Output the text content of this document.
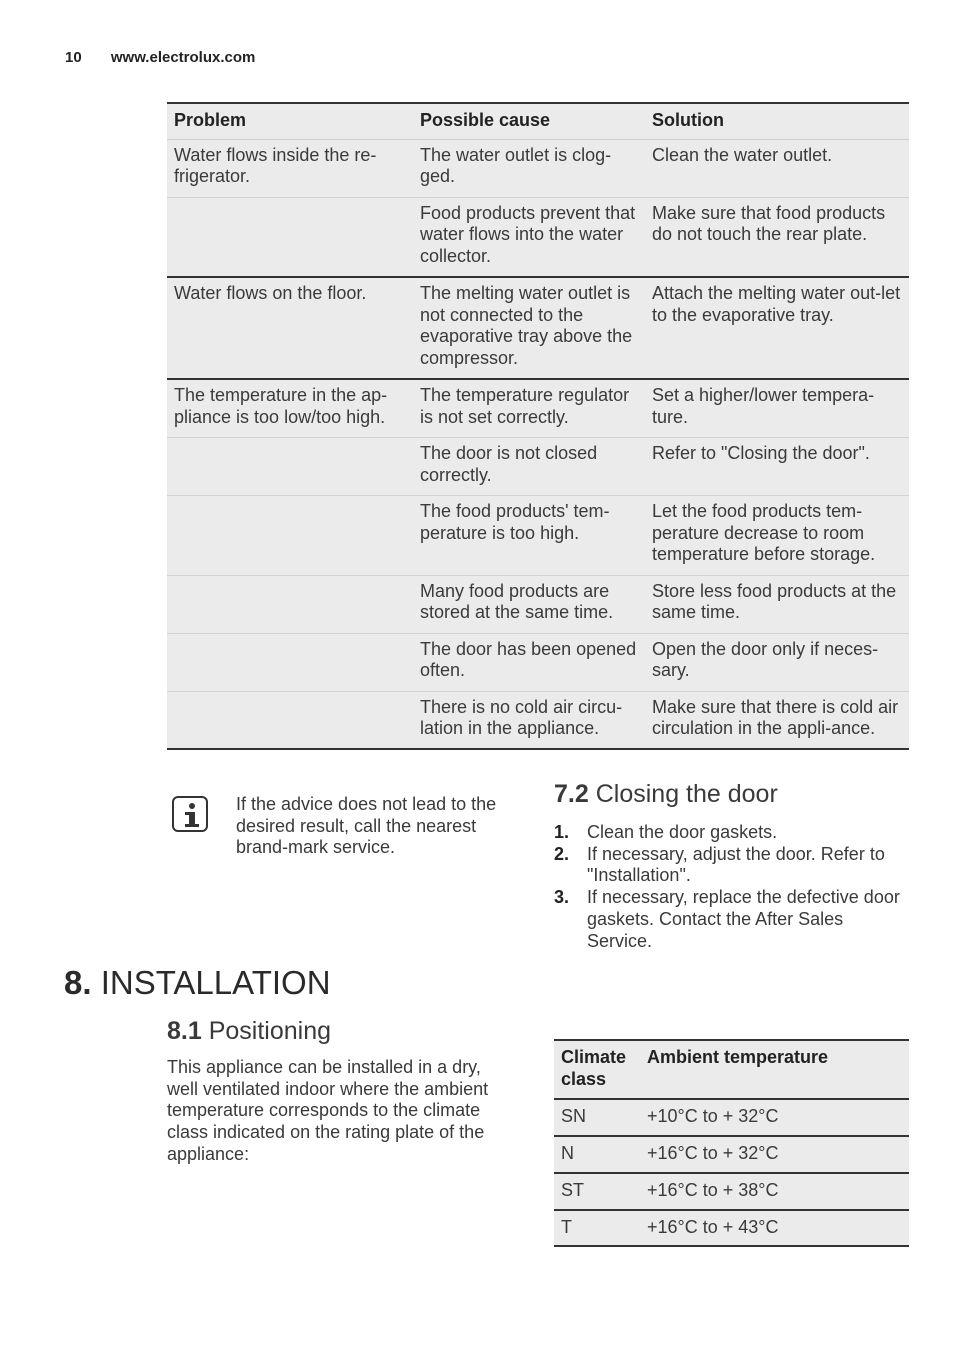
10 www.electrolux.com
Problem	Possible cause	Solution
Water flows inside the re-frigerator.	The water outlet is clog-ged.	Clean the water outlet.
	Food products prevent that water flows into the water collector.	Make sure that food products do not touch the rear plate.
Water flows on the floor.	The melting water outlet is not connected to the evaporative tray above the compressor.	Attach the melting water out-let to the evaporative tray.
The temperature in the ap-pliance is too low/too high.	The temperature regulator is not set correctly.	Set a higher/lower tempera-ture.
	The door is not closed correctly.	Refer to "Closing the door".
	The food products' tem-perature is too high.	Let the food products tem-perature decrease to room temperature before storage.
	Many food products are stored at the same time.	Store less food products at the same time.
	The door has been opened often.	Open the door only if neces-sary.
	There is no cold air circu-lation in the appliance.	Make sure that there is cold air circulation in the appli-ance.
If the advice does not lead to the desired result, call the nearest brand-mark service.
7.2 Closing the door
1. Clean the door gaskets.
2. If necessary, adjust the door. Refer to "Installation".
3. If necessary, replace the defective door gaskets. Contact the After Sales Service.
8. INSTALLATION
8.1 Positioning
This appliance can be installed in a dry, well ventilated indoor where the ambient temperature corresponds to the climate class indicated on the rating plate of the appliance:
Climate class	Ambient temperature
SN	+10°C to + 32°C
N	+16°C to + 32°C
ST	+16°C to + 38°C
T	+16°C to + 43°C
